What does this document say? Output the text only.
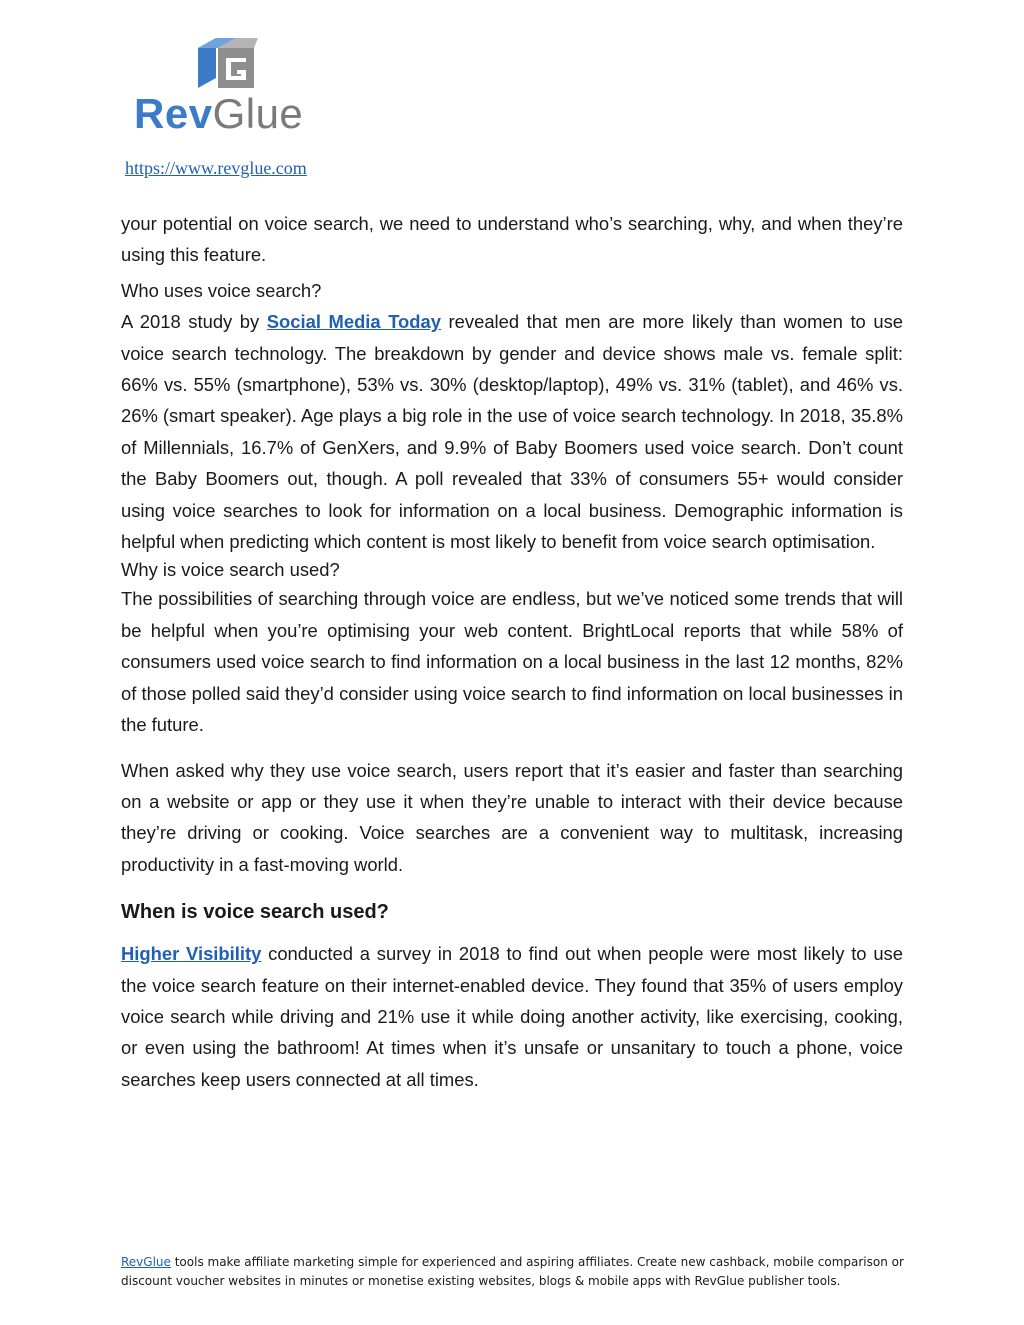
RevGlue
https://www.revglue.com

your potential on voice search, we need to understand who’s searching, why, and when they’re using this feature.

Who uses voice search?

A 2018 study by Social Media Today revealed that men are more likely than women to use voice search technology. The breakdown by gender and device shows male vs. female split: 66% vs. 55% (smartphone), 53% vs. 30% (desktop/laptop), 49% vs. 31% (tablet), and 46% vs. 26% (smart speaker). Age plays a big role in the use of voice search technology. In 2018, 35.8% of Millennials, 16.7% of GenXers, and 9.9% of Baby Boomers used voice search. Don’t count the Baby Boomers out, though. A poll revealed that 33% of consumers 55+ would consider using voice searches to look for information on a local business. Demographic information is helpful when predicting which content is most likely to benefit from voice search optimisation.

Why is voice search used?

The possibilities of searching through voice are endless, but we’ve noticed some trends that will be helpful when you’re optimising your web content. BrightLocal reports that while 58% of consumers used voice search to find information on a local business in the last 12 months, 82% of those polled said they’d consider using voice search to find information on local businesses in the future.

When asked why they use voice search, users report that it’s easier and faster than searching on a website or app or they use it when they’re unable to interact with their device because they’re driving or cooking. Voice searches are a convenient way to multitask, increasing productivity in a fast-moving world.

When is voice search used?

Higher Visibility conducted a survey in 2018 to find out when people were most likely to use the voice search feature on their internet-enabled device. They found that 35% of users employ voice search while driving and 21% use it while doing another activity, like exercising, cooking, or even using the bathroom! At times when it’s unsafe or unsanitary to touch a phone, voice searches keep users connected at all times.

RevGlue tools make affiliate marketing simple for experienced and aspiring affiliates. Create new cashback, mobile comparison or discount voucher websites in minutes or monetise existing websites, blogs & mobile apps with RevGlue publisher tools.
